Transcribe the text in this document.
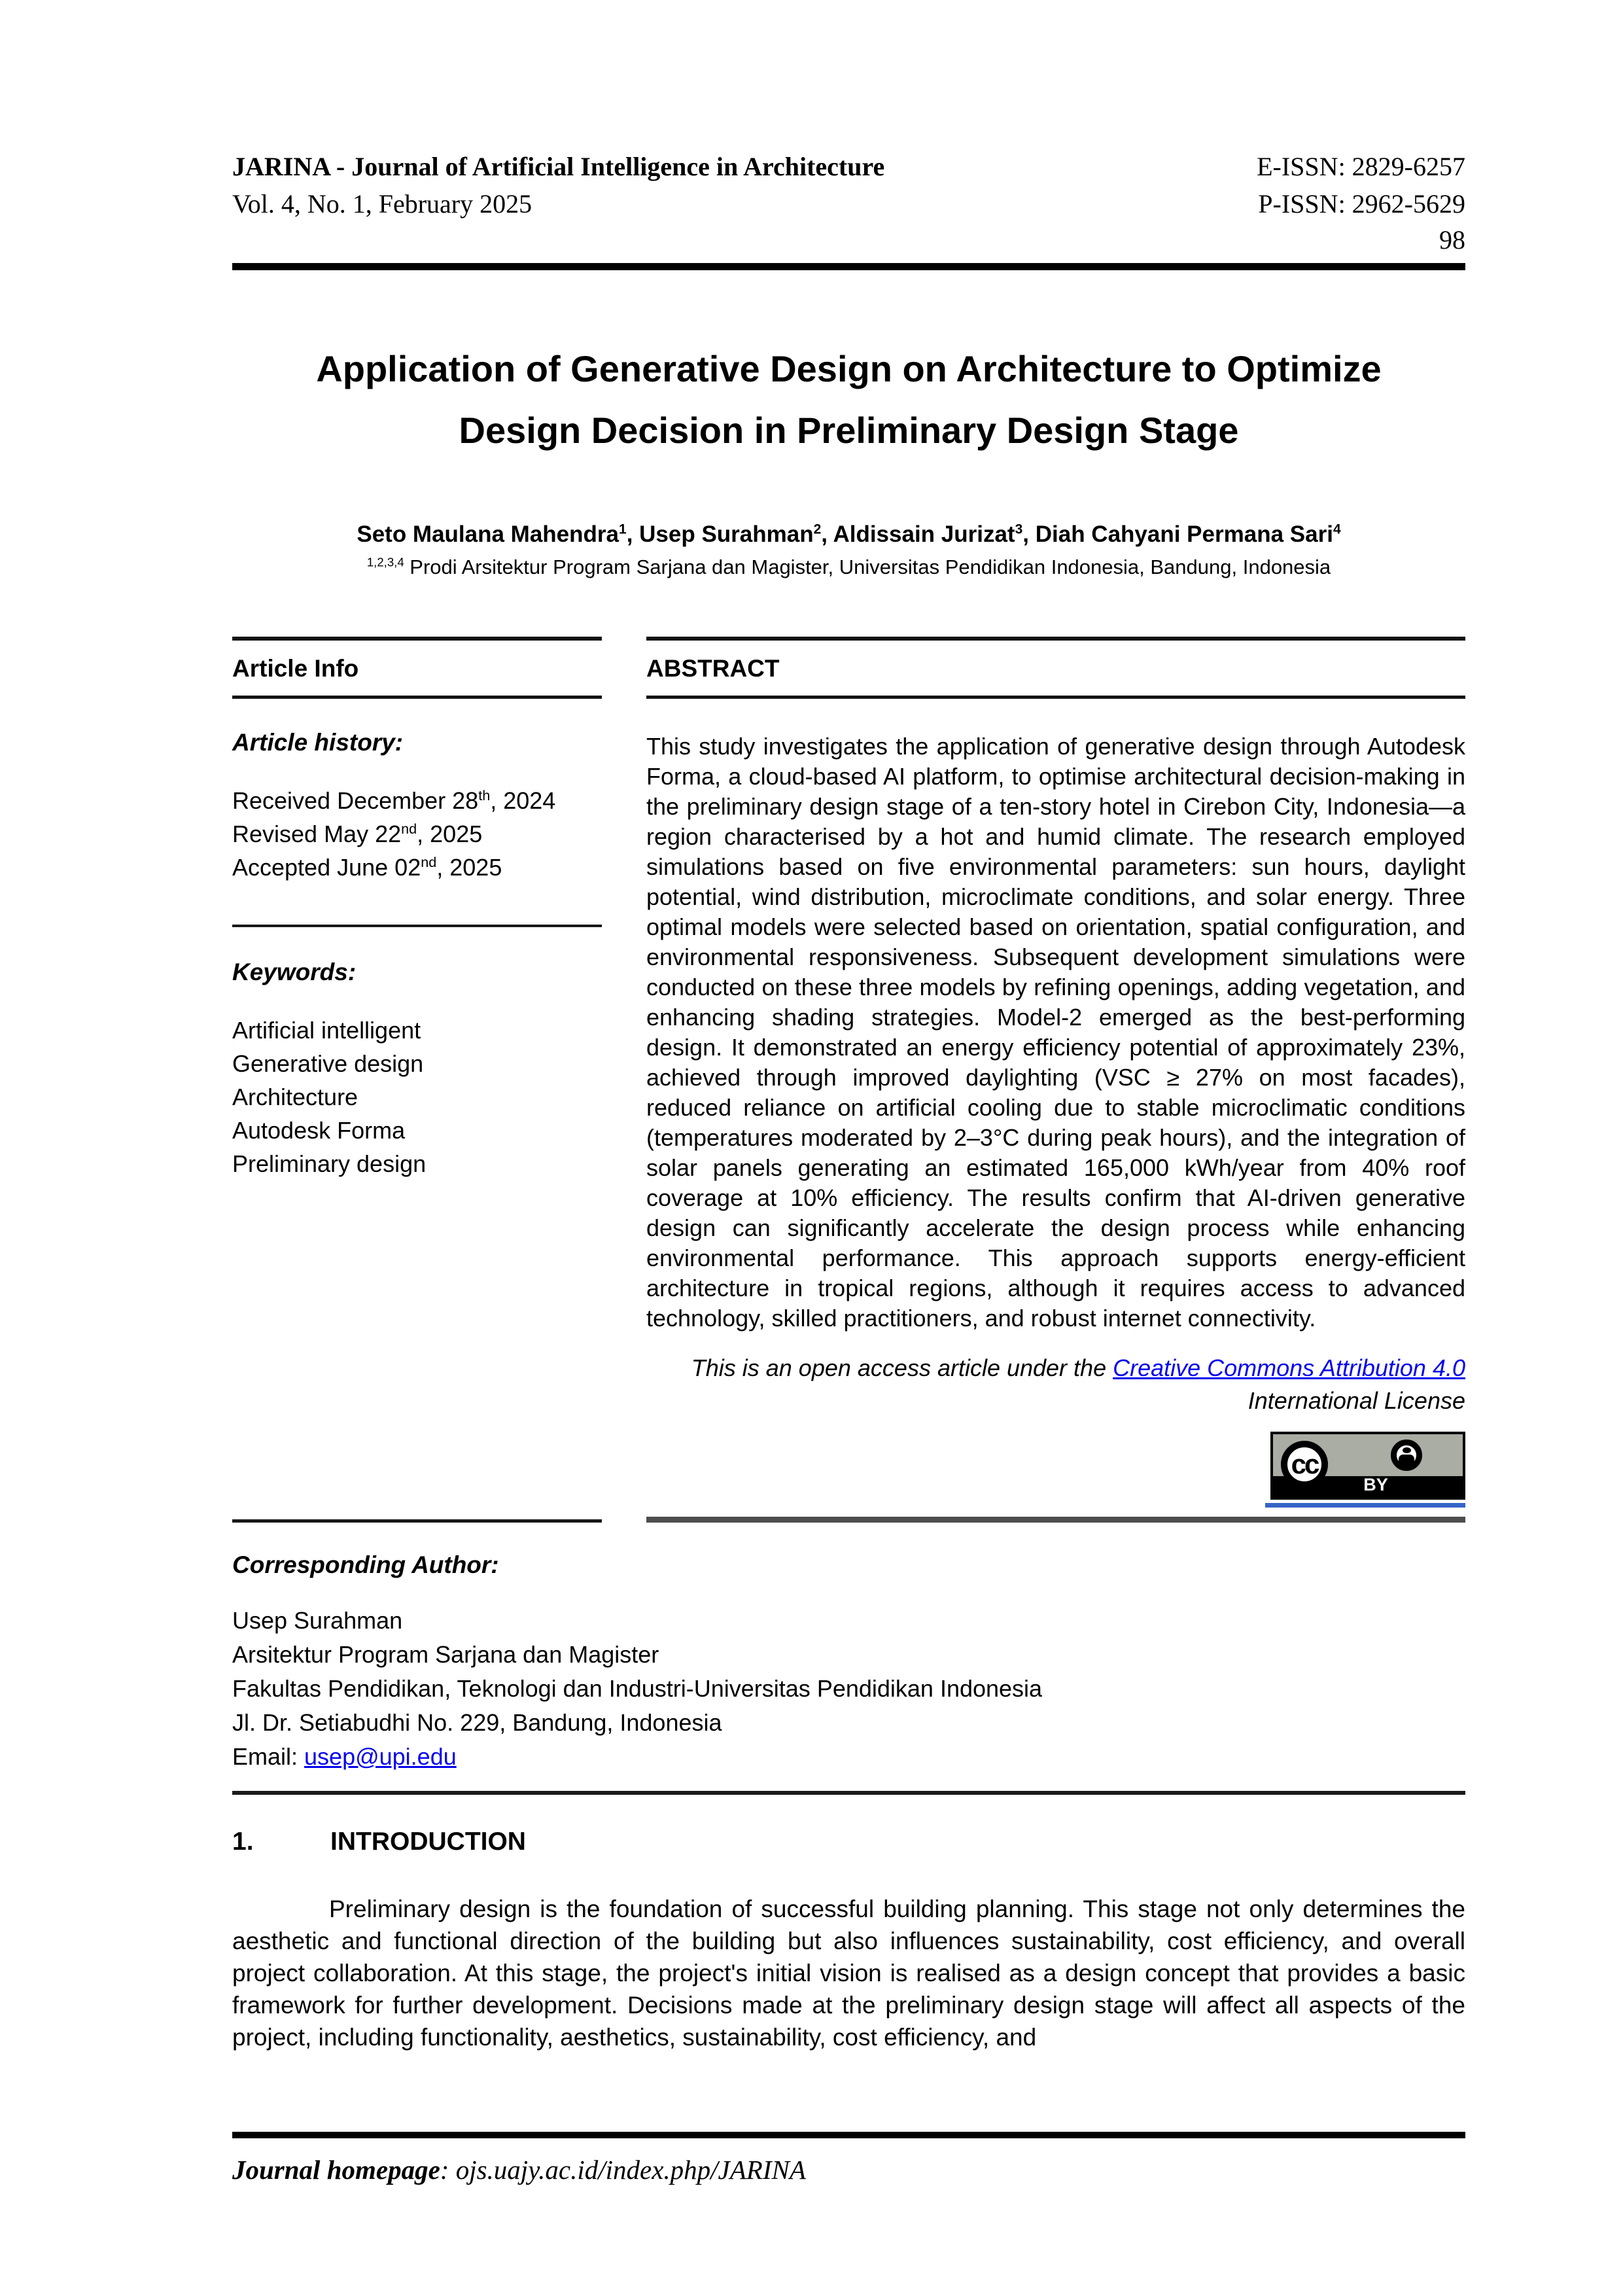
JARINA - Journal of Artificial Intelligence in Architecture
Vol. 4, No. 1, February 2025
E-ISSN: 2829-6257
P-ISSN: 2962-5629
98
Application of Generative Design on Architecture to Optimize
Design Decision in Preliminary Design Stage
Seto Maulana Mahendra$^1$, Usep Surahman$^2$, Aldissain Jurizat$^3$, Diah Cahyani Permana Sari$^4$
$^{1,2,3,4}$ Prodi Arsitektur Program Sarjana dan Magister, Universitas Pendidikan Indonesia, Bandung, Indonesia
Article Info
Article history:
Received December 28th, 2024
Revised May 22nd, 2025
Accepted June 02nd, 2025
Keywords:
Artificial intelligent
Generative design
Architecture
Autodesk Forma
Preliminary design
ABSTRACT

This study investigates the application of generative design through Autodesk Forma, a cloud-based AI platform, to optimise architectural decision-making in the preliminary design stage of a ten-story hotel in Cirebon City, Indonesia—a region characterised by a hot and humid climate. The research employed simulations based on five environmental parameters: sun hours, daylight potential, wind distribution, microclimate conditions, and solar energy. Three optimal models were selected based on orientation, spatial configuration, and environmental responsiveness. Subsequent development simulations were conducted on these three models by refining openings, adding vegetation, and enhancing shading strategies. Model-2 emerged as the best-performing design. It demonstrated an energy efficiency potential of approximately 23%, achieved through improved daylighting (VSC ≥ 27% on most facades), reduced reliance on artificial cooling due to stable microclimatic conditions (temperatures moderated by 2–3°C during peak hours), and the integration of solar panels generating an estimated 165,000 kWh/year from 40% roof coverage at 10% efficiency. The results confirm that AI-driven generative design can significantly accelerate the design process while enhancing environmental performance. This approach supports energy-efficient architecture in tropical regions, although it requires access to advanced technology, skilled practitioners, and robust internet connectivity.

This is an open access article under the Creative Commons Attribution 4.0
International License
cc
BY
Corresponding Author:
Usep Surahman
Arsitektur Program Sarjana dan Magister
Fakultas Pendidikan, Teknologi dan Industri-Universitas Pendidikan Indonesia
Jl. Dr. Setiabudhi No. 229, Bandung, Indonesia
Email: usep@upi.edu
1.	INTRODUCTION

Preliminary design is the foundation of successful building planning. This stage not only determines the aesthetic and functional direction of the building but also influences sustainability, cost efficiency, and overall project collaboration. At this stage, the project's initial vision is realised as a design concept that provides a basic framework for further development. Decisions made at the preliminary design stage will affect all aspects of the project, including functionality, aesthetics, sustainability, cost efficiency, and

Journal homepage: ojs.uajy.ac.id/index.php/JARINA
